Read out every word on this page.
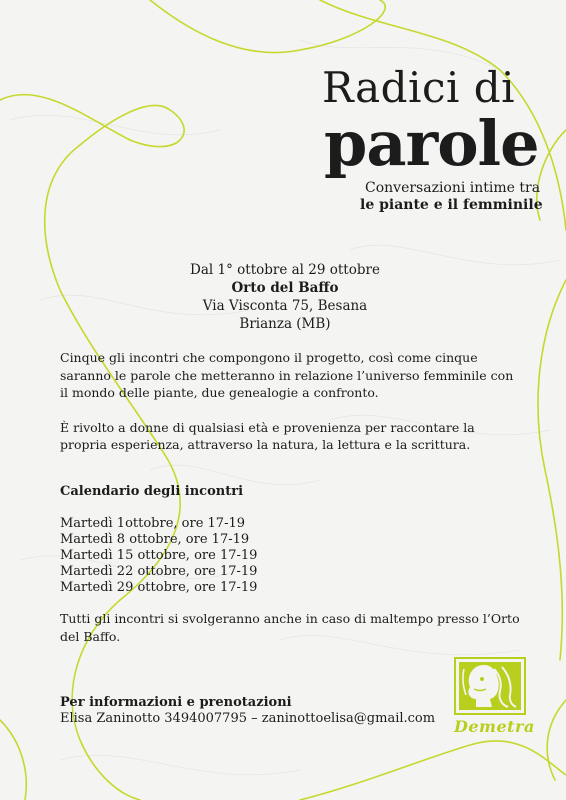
Radici di
parole
Conversazioni intime tra
le piante e il femminile
Dal 1° ottobre al 29 ottobre
Orto del Baffo
Via Visconta 75, Besana Brianza (MB)

Cinque gli incontri che compongono il progetto, così come cinque saranno le parole che metteranno in relazione l’universo femminile con il mondo delle piante, due genealogie a confronto.

È rivolto a donne di qualsiasi età e provenienza per raccontare la propria esperienza, attraverso la natura, la lettura e la scrittura.

Calendario degli incontri
Martedì 1ottobre, ore 17-19
Martedì 8 ottobre, ore 17-19
Martedì 15 ottobre, ore 17-19
Martedì 22 ottobre, ore 17-19
Martedì 29 ottobre, ore 17-19
Tutti gli incontri si svolgeranno anche in caso di maltempo presso l’Orto del Baffo.
Per informazioni e prenotazioni
Elisa Zaninotto 3494007795 – zaninottoelisa@gmail.com Demetra
